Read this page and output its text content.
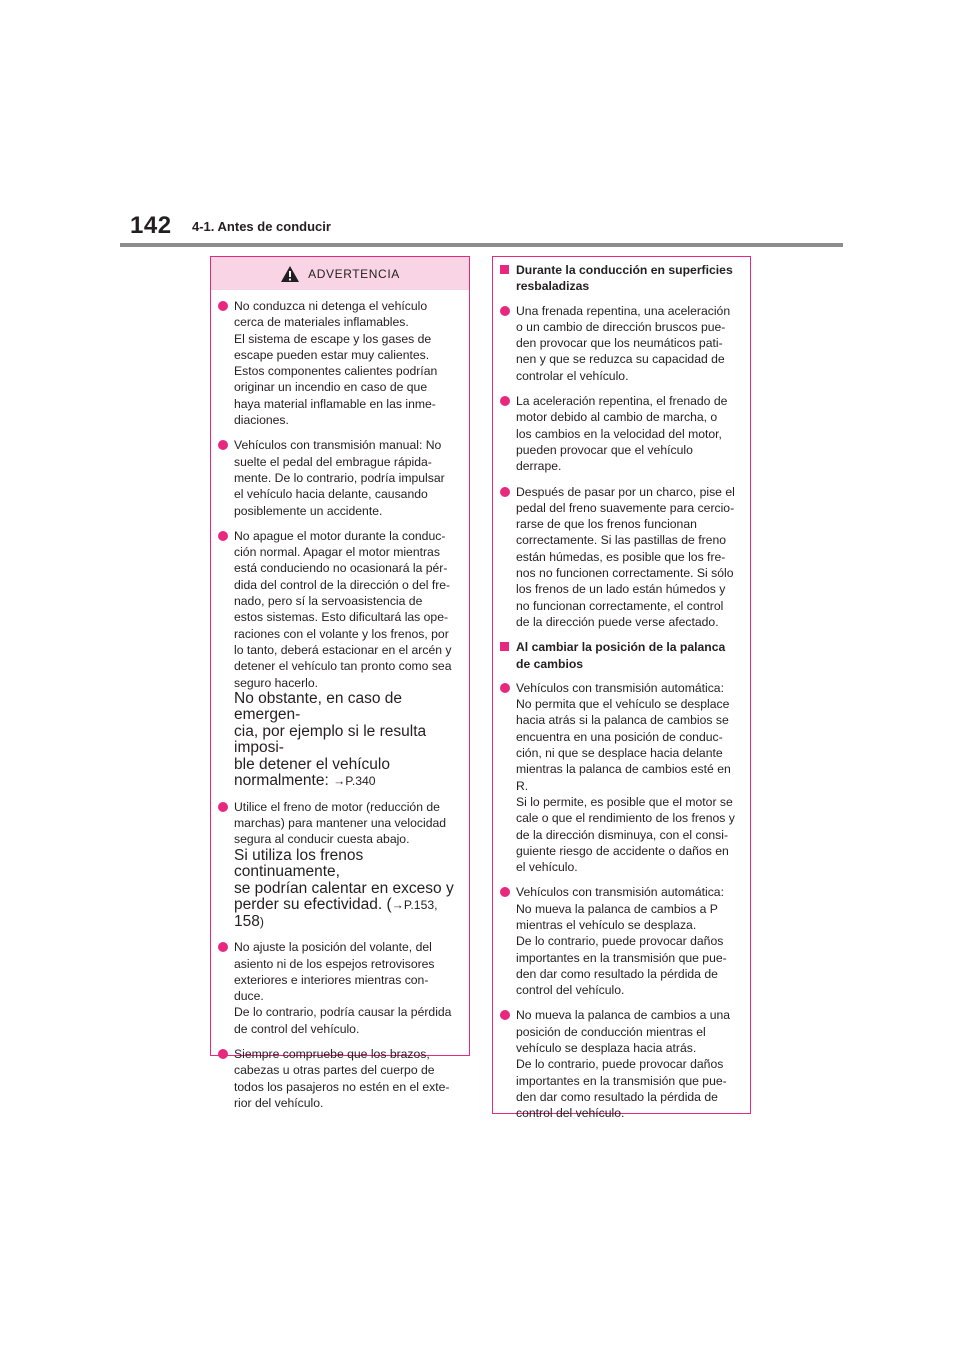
142 4-1. Antes de conducir
ADVERTENCIA

No conduzca ni detenga el vehículo

cerca de materiales inflamables.

El sistema de escape y los gases de

escape pueden estar muy calientes.

Estos componentes calientes podrían

originar un incendio en caso de que

haya material inflamable en las inme-

diaciones.

Vehículos con transmisión manual: No

suelte el pedal del embrague rápida-

mente. De lo contrario, podría impulsar

el vehículo hacia delante, causando

posiblemente un accidente.

No apague el motor durante la conduc-

ción normal. Apagar el motor mientras

está conduciendo no ocasionará la pér-

dida del control de la dirección o del fre-

nado, pero sí la servoasistencia de

estos sistemas. Esto dificultará las ope-

raciones con el volante y los frenos, por

lo tanto, deberá estacionar en el arcén y

detener el vehículo tan pronto como sea

seguro hacerlo.

No obstante, en caso de emergen-

cia, por ejemplo si le resulta imposi-

ble detener el vehículo

normalmente: →P.340

Utilice el freno de motor (reducción de

marchas) para mantener una velocidad

segura al conducir cuesta abajo.

Si utiliza los frenos continuamente,

se podrían calentar en exceso y

perder su efectividad. (→P.153,

158)

No ajuste la posición del volante, del

asiento ni de los espejos retrovisores

exteriores e interiores mientras con-

duce.

De lo contrario, podría causar la pérdida

de control del vehículo.

Siempre compruebe que los brazos,

cabezas u otras partes del cuerpo de

todos los pasajeros no estén en el exte-

rior del vehículo.

Durante la conducción en superficies

resbaladizas

Una frenada repentina, una aceleración

o un cambio de dirección bruscos pue-

den provocar que los neumáticos pati-

nen y que se reduzca su capacidad de

controlar el vehículo.

La aceleración repentina, el frenado de

motor debido al cambio de marcha, o

los cambios en la velocidad del motor,

pueden provocar que el vehículo

derrape.

Después de pasar por un charco, pise el

pedal del freno suavemente para cercio-

rarse de que los frenos funcionan

correctamente. Si las pastillas de freno

están húmedas, es posible que los fre-

nos no funcionen correctamente. Si sólo

los frenos de un lado están húmedos y

no funcionan correctamente, el control

de la dirección puede verse afectado.

Al cambiar la posición de la palanca

de cambios

Vehículos con transmisión automática:

No permita que el vehículo se desplace

hacia atrás si la palanca de cambios se

encuentra en una posición de conduc-

ción, ni que se desplace hacia delante

mientras la palanca de cambios esté en

R.

Si lo permite, es posible que el motor se

cale o que el rendimiento de los frenos y

de la dirección disminuya, con el consi-

guiente riesgo de accidente o daños en

el vehículo.

Vehículos con transmisión automática:

No mueva la palanca de cambios a P

mientras el vehículo se desplaza.

De lo contrario, puede provocar daños

importantes en la transmisión que pue-

den dar como resultado la pérdida de

control del vehículo.

No mueva la palanca de cambios a una

posición de conducción mientras el

vehículo se desplaza hacia atrás.

De lo contrario, puede provocar daños

importantes en la transmisión que pue-

den dar como resultado la pérdida de

control del vehículo.
